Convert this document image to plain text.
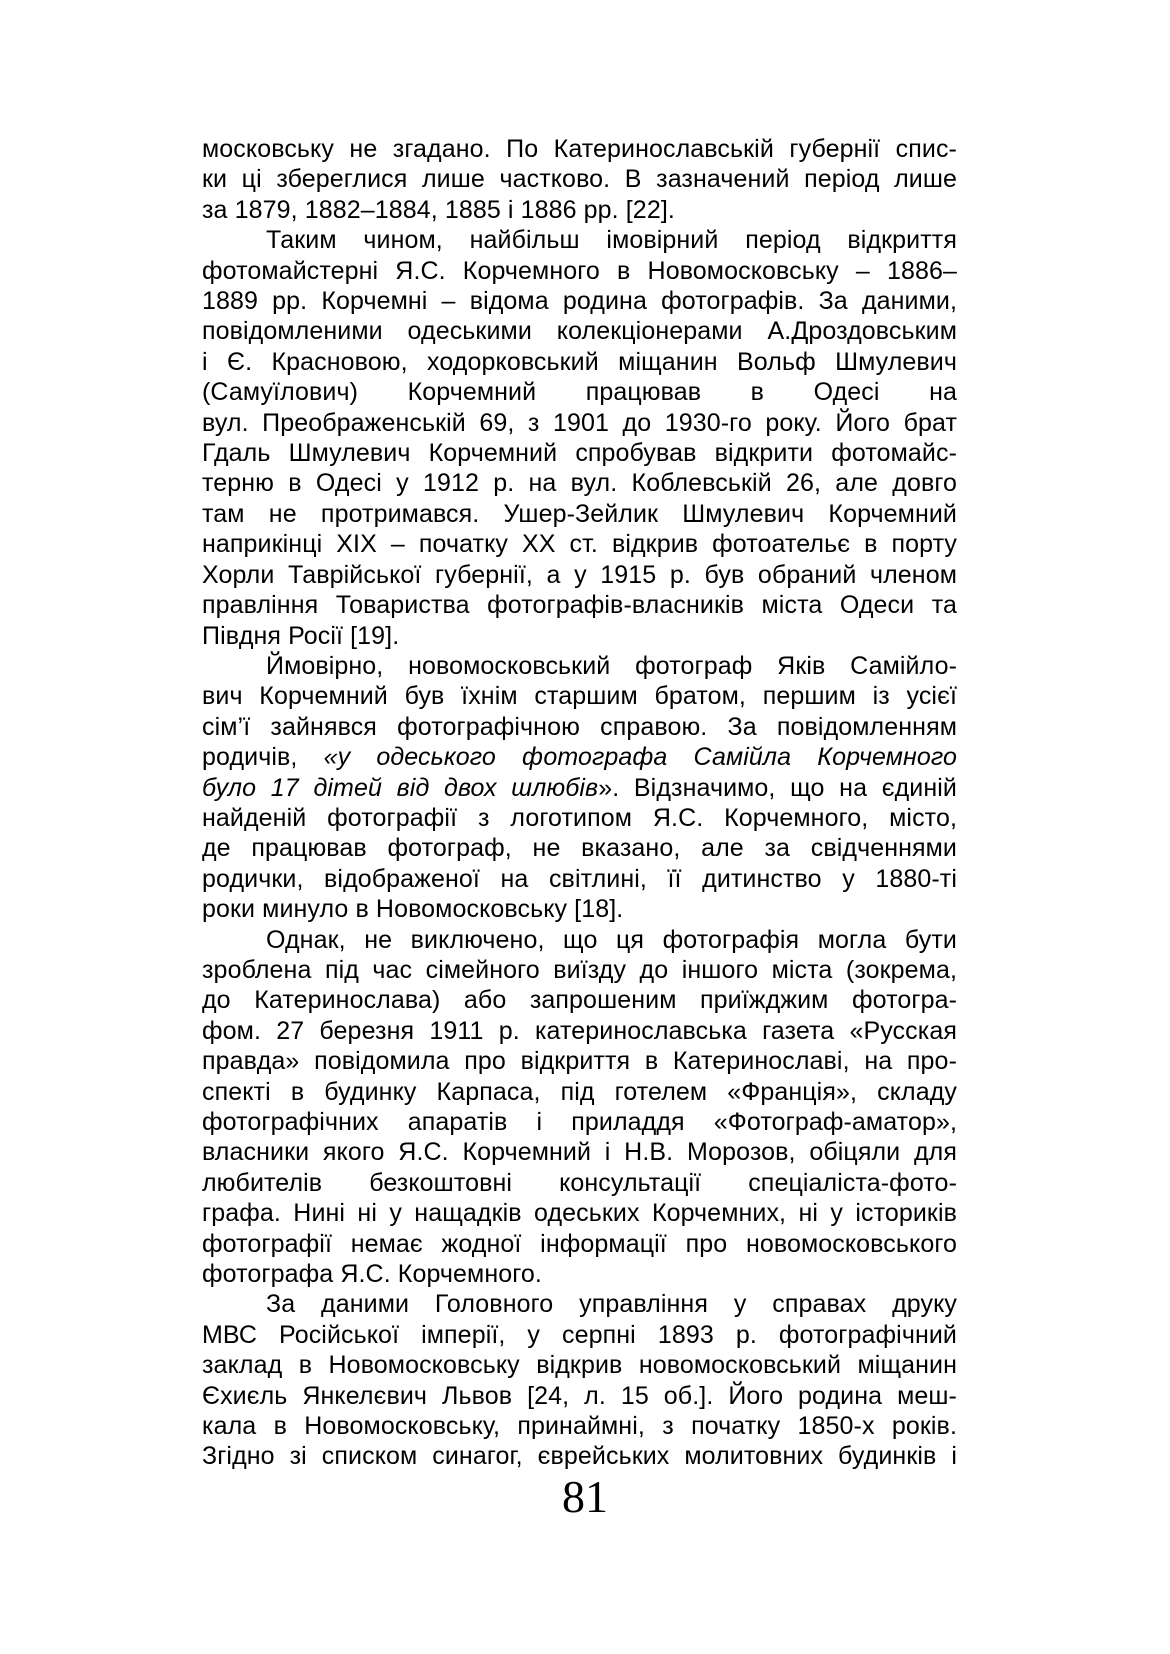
московську не згадано. По Катеринославській губернії спис-
ки ці збереглися лише частково. В зазначений період лише
за 1879, 1882–1884, 1885 і 1886 рр. [22].
Таким чином, найбільш імовірний період відкриття
фотомайстерні Я.С. Корчемного в Новомосковську – 1886–
1889 рр. Корчемні – відома родина фотографів. За даними,
повідомленими одеськими колекціонерами А.Дроздовським
і Є. Красновою, ходорковський міщанин Вольф Шмулевич
(Самуїлович) Корчемний працював в Одесі на
вул. Преображенській 69, з 1901 до 1930-го року. Його брат
Гдаль Шмулевич Корчемний спробував відкрити фотомайс-
терню в Одесі у 1912 р. на вул. Коблевській 26, але довго
там не протримався. Ушер-Зейлик Шмулевич Корчемний
наприкінці XIX – початку XX ст. відкрив фотоательє в порту
Хорли Таврійської губернії, а у 1915 р. був обраний членом
правління Товариства фотографів-власників міста Одеси та
Півдня Росії [19].
Ймовірно, новомосковський фотограф Яків Самійло-
вич Корчемний був їхнім старшим братом, першим із усієї
сім’ї зайнявся фотографічною справою. За повідомленням
родичів, «у одеського фотографа Самійла Корчемного
було 17 дітей від двох шлюбів». Відзначимо, що на єдиній
найденій фотографії з логотипом Я.С. Корчемного, місто,
де працював фотограф, не вказано, але за свідченнями
родички, відображеної на світлині, її дитинство у 1880-ті
роки минуло в Новомосковську [18].
Однак, не виключено, що ця фотографія могла бути
зроблена під час сімейного виїзду до іншого міста (зокрема,
до Катеринослава) або запрошеним приїжджим фотогра-
фом. 27 березня 1911 р. катеринославська газета «Русская
правда» повідомила про відкриття в Катеринославі, на про-
спекті в будинку Карпаса, під готелем «Франція», складу
фотографічних апаратів і приладдя «Фотограф-аматор»,
власники якого Я.С. Корчемний і Н.В. Морозов, обіцяли для
любителів безкоштовні консультації спеціаліста-фото-
графа. Нині ні у нащадків одеських Корчемних, ні у істориків
фотографії немає жодної інформації про новомосковського
фотографа Я.С. Корчемного.
За даними Головного управління у справах друку
МВС Російської імперії, у серпні 1893 р. фотографічний
заклад в Новомосковську відкрив новомосковський міщанин
Єхиєль Янкелєвич Львов [24, л. 15 об.]. Його родина меш-
кала в Новомосковську, принаймні, з початку 1850-х років.
Згідно зі списком синагог, єврейських молитовних будинків і
81
